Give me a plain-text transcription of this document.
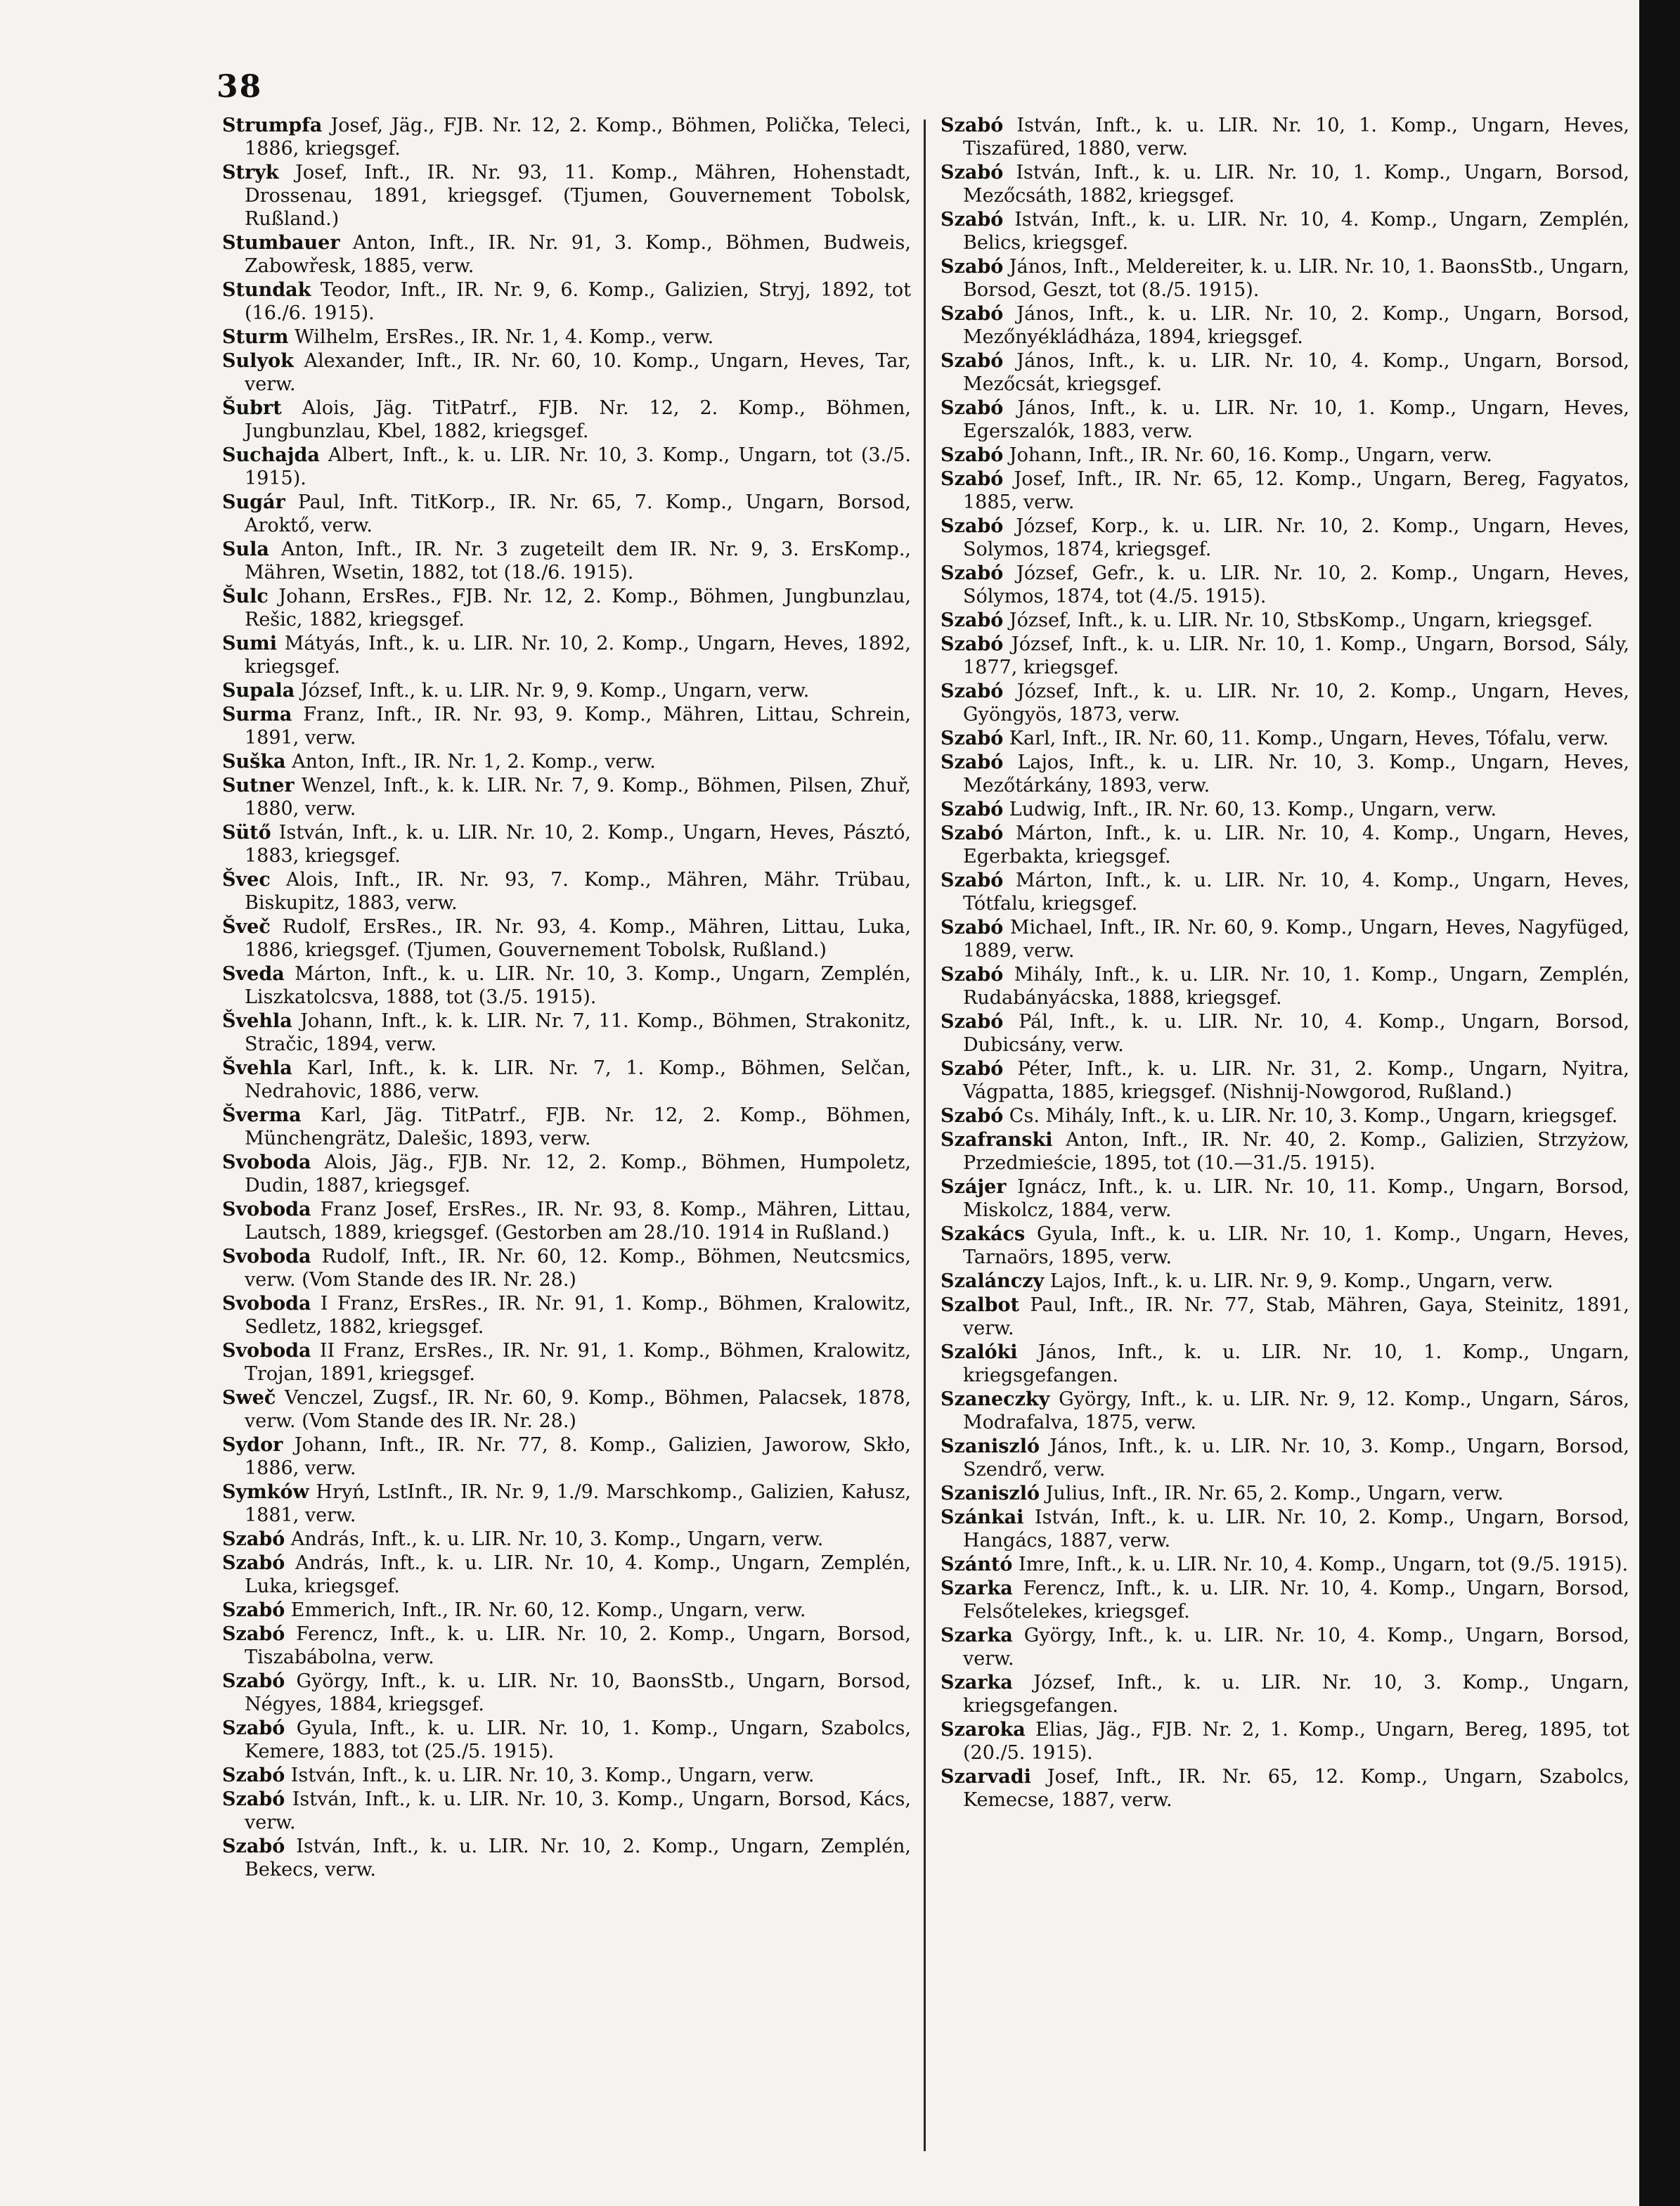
38
Strumpfa Josef, Jäg., FJB. Nr. 12, 2. Komp., Böhmen, Polička, Teleci, 1886, kriegsgef.
Stryk Josef, Inft., IR. Nr. 93, 11. Komp., Mähren, Hohenstadt, Drossenau, 1891, kriegsgef. (Tjumen, Gouvernement Tobolsk, Rußland.)
Stumbauer Anton, Inft., IR. Nr. 91, 3. Komp., Böhmen, Budweis, Zabowřesk, 1885, verw.
Stundak Teodor, Inft., IR. Nr. 9, 6. Komp., Galizien, Stryj, 1892, tot (16./6. 1915).
Sturm Wilhelm, ErsRes., IR. Nr. 1, 4. Komp., verw.
Sulyok Alexander, Inft., IR. Nr. 60, 10. Komp., Ungarn, Heves, Tar, verw.
Šubrt Alois, Jäg. TitPatrf., FJB. Nr. 12, 2. Komp., Böhmen, Jungbunzlau, Kbel, 1882, kriegsgef.
Suchajda Albert, Inft., k. u. LIR. Nr. 10, 3. Komp., Ungarn, tot (3./5. 1915).
Sugár Paul, Inft. TitKorp., IR. Nr. 65, 7. Komp., Ungarn, Borsod, Aroktő, verw.
Sula Anton, Inft., IR. Nr. 3 zugeteilt dem IR. Nr. 9, 3. ErsKomp., Mähren, Wsetin, 1882, tot (18./6. 1915).
Šulc Johann, ErsRes., FJB. Nr. 12, 2. Komp., Böhmen, Jungbunzlau, Rešic, 1882, kriegsgef.
Sumi Mátyás, Inft., k. u. LIR. Nr. 10, 2. Komp., Ungarn, Heves, 1892, kriegsgef.
Supala József, Inft., k. u. LIR. Nr. 9, 9. Komp., Ungarn, verw.
Surma Franz, Inft., IR. Nr. 93, 9. Komp., Mähren, Littau, Schrein, 1891, verw.
Suška Anton, Inft., IR. Nr. 1, 2. Komp., verw.
Sutner Wenzel, Inft., k. k. LIR. Nr. 7, 9. Komp., Böhmen, Pilsen, Zhuř, 1880, verw.
Sütő István, Inft., k. u. LIR. Nr. 10, 2. Komp., Ungarn, Heves, Pásztó, 1883, kriegsgef.
Švec Alois, Inft., IR. Nr. 93, 7. Komp., Mähren, Mähr. Trübau, Biskupitz, 1883, verw.
Šveč Rudolf, ErsRes., IR. Nr. 93, 4. Komp., Mähren, Littau, Luka, 1886, kriegsgef. (Tjumen, Gouvernement Tobolsk, Rußland.)
Sveda Márton, Inft., k. u. LIR. Nr. 10, 3. Komp., Ungarn, Zemplén, Liszkatolcsva, 1888, tot (3./5. 1915).
Švehla Johann, Inft., k. k. LIR. Nr. 7, 11. Komp., Böhmen, Strakonitz, Stračic, 1894, verw.
Švehla Karl, Inft., k. k. LIR. Nr. 7, 1. Komp., Böhmen, Selčan, Nedrahovic, 1886, verw.
Šverma Karl, Jäg. TitPatrf., FJB. Nr. 12, 2. Komp., Böhmen, Münchengrätz, Dalešic, 1893, verw.
Svoboda Alois, Jäg., FJB. Nr. 12, 2. Komp., Böhmen, Humpoletz, Dudin, 1887, kriegsgef.
Svoboda Franz Josef, ErsRes., IR. Nr. 93, 8. Komp., Mähren, Littau, Lautsch, 1889, kriegsgef. (Gestorben am 28./10. 1914 in Rußland.)
Svoboda Rudolf, Inft., IR. Nr. 60, 12. Komp., Böhmen, Neutcsmics, verw. (Vom Stande des IR. Nr. 28.)
Svoboda I Franz, ErsRes., IR. Nr. 91, 1. Komp., Böhmen, Kralowitz, Sedletz, 1882, kriegsgef.
Svoboda II Franz, ErsRes., IR. Nr. 91, 1. Komp., Böhmen, Kralowitz, Trojan, 1891, kriegsgef.
Sweč Venczel, Zugsf., IR. Nr. 60, 9. Komp., Böhmen, Palacsek, 1878, verw. (Vom Stande des IR. Nr. 28.)
Sydor Johann, Inft., IR. Nr. 77, 8. Komp., Galizien, Jaworow, Skło, 1886, verw.
Symków Hryń, LstInft., IR. Nr. 9, 1./9. Marschkomp., Galizien, Kałusz, 1881, verw.
Szabó András, Inft., k. u. LIR. Nr. 10, 3. Komp., Ungarn, verw.
Szabó András, Inft., k. u. LIR. Nr. 10, 4. Komp., Ungarn, Zemplén, Luka, kriegsgef.
Szabó Emmerich, Inft., IR. Nr. 60, 12. Komp., Ungarn, verw.
Szabó Ferencz, Inft., k. u. LIR. Nr. 10, 2. Komp., Ungarn, Borsod, Tiszabábolna, verw.
Szabó György, Inft., k. u. LIR. Nr. 10, BaonsStb., Ungarn, Borsod, Négyes, 1884, kriegsgef.
Szabó Gyula, Inft., k. u. LIR. Nr. 10, 1. Komp., Ungarn, Szabolcs, Kemere, 1883, tot (25./5. 1915).
Szabó István, Inft., k. u. LIR. Nr. 10, 3. Komp., Ungarn, verw.
Szabó István, Inft., k. u. LIR. Nr. 10, 3. Komp., Ungarn, Borsod, Kács, verw.
Szabó István, Inft., k. u. LIR. Nr. 10, 2. Komp., Ungarn, Zemplén, Bekecs, verw.
Szabó István, Inft., k. u. LIR. Nr. 10, 1. Komp., Ungarn, Heves, Tiszafüred, 1880, verw.
Szabó István, Inft., k. u. LIR. Nr. 10, 1. Komp., Ungarn, Borsod, Mezőcsáth, 1882, kriegsgef.
Szabó István, Inft., k. u. LIR. Nr. 10, 4. Komp., Ungarn, Zemplén, Belics, kriegsgef.
Szabó János, Inft., Meldereiter, k. u. LIR. Nr. 10, 1. BaonsStb., Ungarn, Borsod, Geszt, tot (8./5. 1915).
Szabó János, Inft., k. u. LIR. Nr. 10, 2. Komp., Ungarn, Borsod, Mezőnyékládháza, 1894, kriegsgef.
Szabó János, Inft., k. u. LIR. Nr. 10, 4. Komp., Ungarn, Borsod, Mezőcsát, kriegsgef.
Szabó János, Inft., k. u. LIR. Nr. 10, 1. Komp., Ungarn, Heves, Egerszalók, 1883, verw.
Szabó Johann, Inft., IR. Nr. 60, 16. Komp., Ungarn, verw.
Szabó Josef, Inft., IR. Nr. 65, 12. Komp., Ungarn, Bereg, Fagyatos, 1885, verw.
Szabó József, Korp., k. u. LIR. Nr. 10, 2. Komp., Ungarn, Heves, Solymos, 1874, kriegsgef.
Szabó József, Gefr., k. u. LIR. Nr. 10, 2. Komp., Ungarn, Heves, Sólymos, 1874, tot (4./5. 1915).
Szabó József, Inft., k. u. LIR. Nr. 10, StbsKomp., Ungarn, kriegsgef.
Szabó József, Inft., k. u. LIR. Nr. 10, 1. Komp., Ungarn, Borsod, Sály, 1877, kriegsgef.
Szabó József, Inft., k. u. LIR. Nr. 10, 2. Komp., Ungarn, Heves, Gyöngyös, 1873, verw.
Szabó Karl, Inft., IR. Nr. 60, 11. Komp., Ungarn, Heves, Tófalu, verw.
Szabó Lajos, Inft., k. u. LIR. Nr. 10, 3. Komp., Ungarn, Heves, Mezőtárkány, 1893, verw.
Szabó Ludwig, Inft., IR. Nr. 60, 13. Komp., Ungarn, verw.
Szabó Márton, Inft., k. u. LIR. Nr. 10, 4. Komp., Ungarn, Heves, Egerbakta, kriegsgef.
Szabó Márton, Inft., k. u. LIR. Nr. 10, 4. Komp., Ungarn, Heves, Tótfalu, kriegsgef.
Szabó Michael, Inft., IR. Nr. 60, 9. Komp., Ungarn, Heves, Nagyfüged, 1889, verw.
Szabó Mihály, Inft., k. u. LIR. Nr. 10, 1. Komp., Ungarn, Zemplén, Rudabányácska, 1888, kriegsgef.
Szabó Pál, Inft., k. u. LIR. Nr. 10, 4. Komp., Ungarn, Borsod, Dubicsány, verw.
Szabó Péter, Inft., k. u. LIR. Nr. 31, 2. Komp., Ungarn, Nyitra, Vágpatta, 1885, kriegsgef. (Nishnij-Nowgorod, Rußland.)
Szabó Cs. Mihály, Inft., k. u. LIR. Nr. 10, 3. Komp., Ungarn, kriegsgef.
Szafranski Anton, Inft., IR. Nr. 40, 2. Komp., Galizien, Strzyżow, Przedmieście, 1895, tot (10.—31./5. 1915).
Szájer Ignácz, Inft., k. u. LIR. Nr. 10, 11. Komp., Ungarn, Borsod, Miskolcz, 1884, verw.
Szakács Gyula, Inft., k. u. LIR. Nr. 10, 1. Komp., Ungarn, Heves, Tarnaörs, 1895, verw.
Szalánczy Lajos, Inft., k. u. LIR. Nr. 9, 9. Komp., Ungarn, verw.
Szalbot Paul, Inft., IR. Nr. 77, Stab, Mähren, Gaya, Steinitz, 1891, verw.
Szalóki János, Inft., k. u. LIR. Nr. 10, 1. Komp., Ungarn, kriegsgefangen.
Szaneczky György, Inft., k. u. LIR. Nr. 9, 12. Komp., Ungarn, Sáros, Modrafalva, 1875, verw.
Szaniszló János, Inft., k. u. LIR. Nr. 10, 3. Komp., Ungarn, Borsod, Szendrő, verw.
Szaniszló Julius, Inft., IR. Nr. 65, 2. Komp., Ungarn, verw.
Szánkai István, Inft., k. u. LIR. Nr. 10, 2. Komp., Ungarn, Borsod, Hangács, 1887, verw.
Szántó Imre, Inft., k. u. LIR. Nr. 10, 4. Komp., Ungarn, tot (9./5. 1915).
Szarka Ferencz, Inft., k. u. LIR. Nr. 10, 4. Komp., Ungarn, Borsod, Felsőtelekes, kriegsgef.
Szarka György, Inft., k. u. LIR. Nr. 10, 4. Komp., Ungarn, Borsod, verw.
Szarka József, Inft., k. u. LIR. Nr. 10, 3. Komp., Ungarn, kriegsgefangen.
Szaroka Elias, Jäg., FJB. Nr. 2, 1. Komp., Ungarn, Bereg, 1895, tot (20./5. 1915).
Szarvadi Josef, Inft., IR. Nr. 65, 12. Komp., Ungarn, Szabolcs, Kemecse, 1887, verw.
